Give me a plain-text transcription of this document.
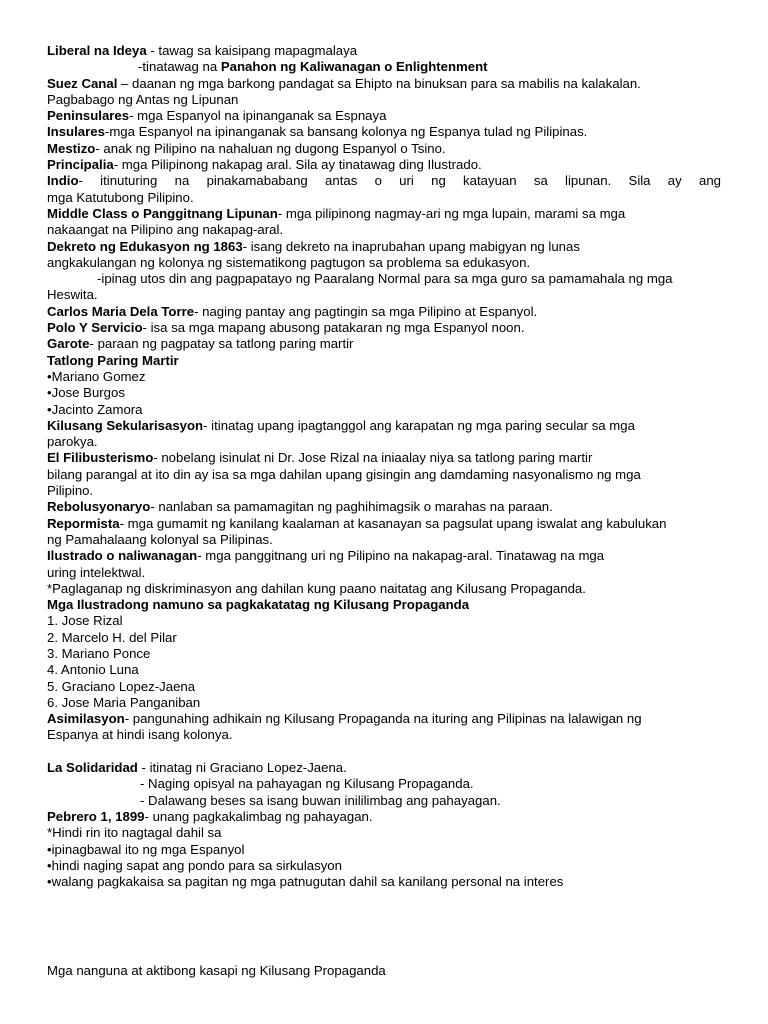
Liberal na Ideya - tawag sa kaisipang mapagmalaya
-tinatawag na Panahon ng Kaliwanagan o Enlightenment
Suez Canal – daanan ng mga barkong pandagat sa Ehipto na binuksan para sa mabilis na kalakalan.
Pagbabago ng Antas ng Lipunan
Peninsulares- mga Espanyol na ipinanganak sa Espnaya
Insulares-mga Espanyol na ipinanganak sa bansang kolonya ng Espanya tulad ng Pilipinas.
Mestizo- anak ng Pilipino na nahaluan ng dugong Espanyol o Tsino.
Principalia- mga Pilipinong nakapag aral. Sila ay tinatawag ding Ilustrado.
Indio- itinuturing na pinakamababang antas o uri ng katayuan sa lipunan. Sila ay ang
mga Katutubong Pilipino.
Middle Class o Panggitnang Lipunan- mga pilipinong nagmay-ari ng mga lupain, marami sa mga
nakaangat na Pilipino ang nakapag-aral.
Dekreto ng Edukasyon ng 1863- isang dekreto na inaprubahan upang mabigyan ng lunas
angkakulangan ng kolonya ng sistematikong pagtugon sa problema sa edukasyon.
-ipinag utos din ang pagpapatayo ng Paaralang Normal para sa mga guro sa pamamahala ng mga
Heswita.
Carlos Maria Dela Torre- naging pantay ang pagtingin sa mga Pilipino at Espanyol.
Polo Y Servicio- isa sa mga mapang abusong patakaran ng mga Espanyol noon.
Garote- paraan ng pagpatay sa tatlong paring martir
Tatlong Paring Martir
• Mariano Gomez
• Jose Burgos
• Jacinto Zamora
Kilusang Sekularisasyon- itinatag upang ipagtanggol ang karapatan ng mga paring secular sa mga
parokya.
El Filibusterismo- nobelang isinulat ni Dr. Jose Rizal na iniaalay niya sa tatlong paring martir
bilang parangal at ito din ay isa sa mga dahilan upang gisingin ang damdaming nasyonalismo ng mga
Pilipino.
Rebolusyonaryo- nanlaban sa pamamagitan ng paghihimagsik o marahas na paraan.
Repormista- mga gumamit ng kanilang kaalaman at kasanayan sa pagsulat upang iswalat ang kabulukan
ng Pamahalaang kolonyal sa Pilipinas.
Ilustrado o naliwanagan- mga panggitnang uri ng Pilipino na nakapag-aral. Tinatawag na mga
uring intelektwal.
*Paglaganap ng diskriminasyon ang dahilan kung paano naitatag ang Kilusang Propaganda.
Mga Ilustradong namuno sa pagkakatatag ng Kilusang Propaganda
1. Jose Rizal
2. Marcelo H. del Pilar
3. Mariano Ponce
4. Antonio Luna
5. Graciano Lopez-Jaena
6. Jose Maria Panganiban
Asimilasyon- pangunahing adhikain ng Kilusang Propaganda na ituring ang Pilipinas na lalawigan ng
Espanya at hindi isang kolonya.
La Solidaridad - itinatag ni Graciano Lopez-Jaena.
- Naging opisyal na pahayagan ng Kilusang Propaganda.
- Dalawang beses sa isang buwan inililimbag ang pahayagan.
Pebrero 1, 1899- unang pagkakalimbag ng pahayagan.
*Hindi rin ito nagtagal dahil sa
• ipinagbawal ito ng mga Espanyol
• hindi naging sapat ang pondo para sa sirkulasyon
• walang pagkakaisa sa pagitan ng mga patnugutan dahil sa kanilang personal na interes
Mga nanguna at aktibong kasapi ng Kilusang Propaganda
